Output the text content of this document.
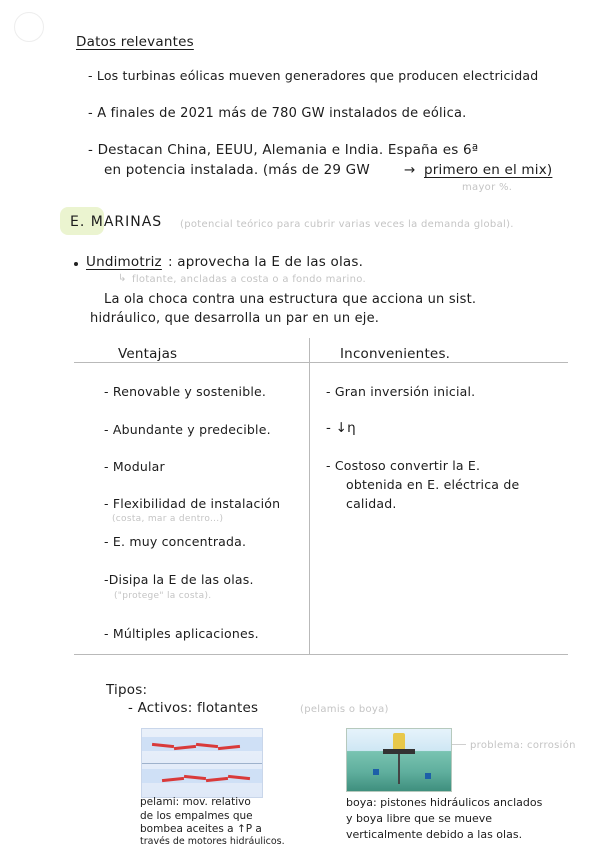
Datos relevantes
- Los turbinas eólicas mueven generadores que producen electricidad
- A finales de 2021 más de 780 GW instalados de eólica.
- Destacan China, EEUU, Alemania e India. España es 6ª
en potencia instalada. (más de 29 GW	→ primero en el mix)
mayor %.
E. MARINAS (potencial teórico para cubrir varias veces la demanda global).
Undimotriz : aprovecha la E de las olas.
↳ flotante, ancladas a costa o a fondo marino.
La ola choca contra una estructura que acciona un sist.
hidráulico, que desarrolla un par en un eje.
Ventajas	Inconvenientes.
- Renovable y sostenible.
- Abundante y predecible.
- Modular
- Flexibilidad de instalación
(costa, mar a dentro...)
- E. muy concentrada.
-Disipa la E de las olas.
("protege" la costa).
- Múltiples aplicaciones.
- Gran inversión inicial.
- ↓η
- Costoso convertir la E.
obtenida en E. eléctrica de
calidad.
Tipos:
- Activos: flotantes	(pelamis o boya)
problema: corrosión
pelami: mov. relativo
de los empalmes que
bombea aceites a ↑P a
través de motores hidráulicos.
boya: pistones hidráulicos anclados
y boya libre que se mueve
verticalmente debido a las olas.
